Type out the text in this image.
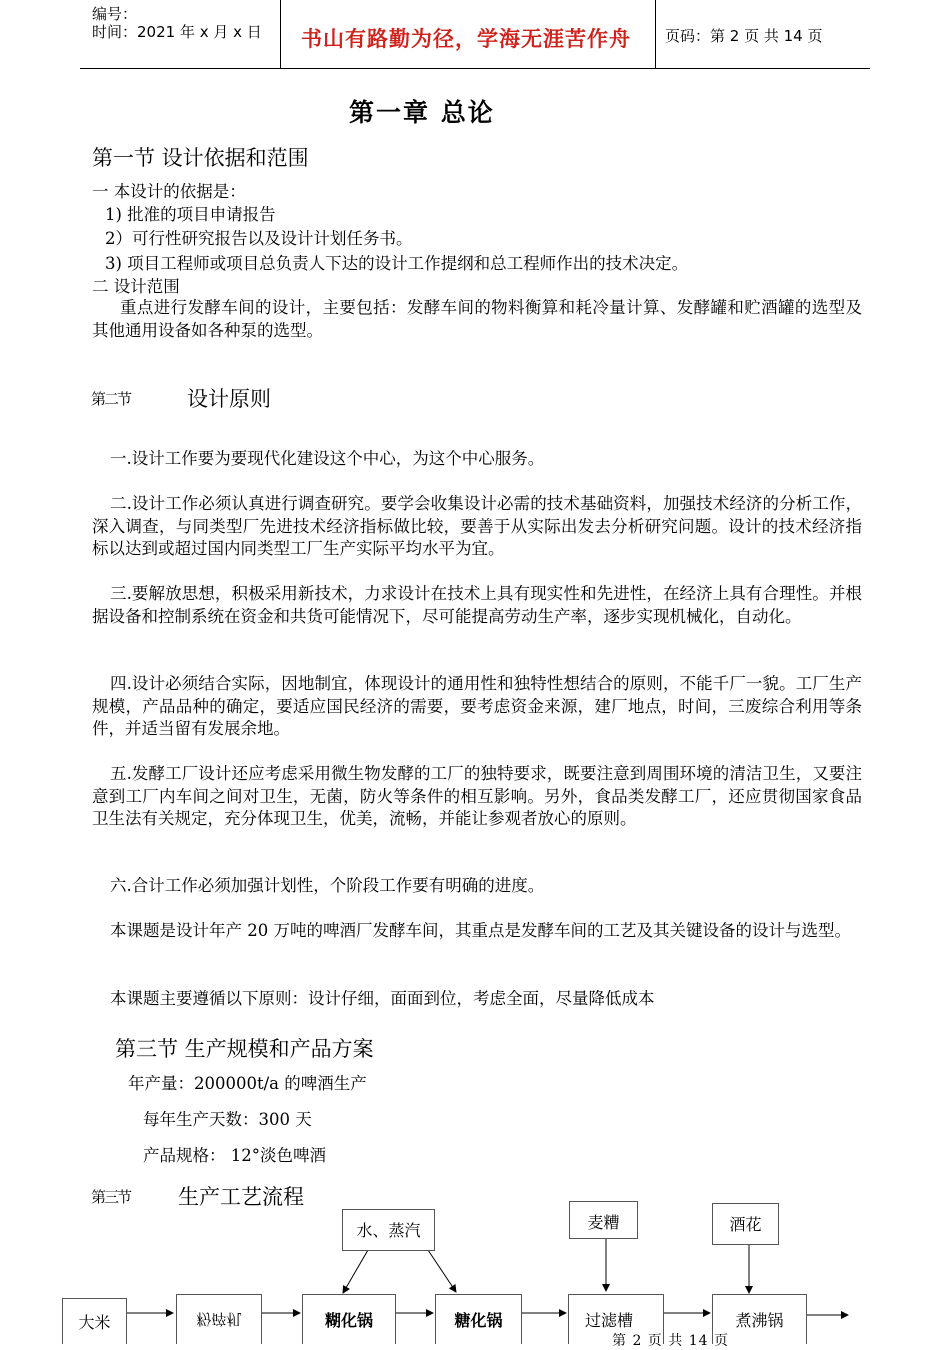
编号：
时间：2021 年 x 月 x 日 书山有路勤为径，学海无涯苦作舟 页码：第 2 页 共 14 页
第一章 总论
第一节 设计依据和范围
一 本设计的依据是：
1) 批准的项目申请报告
2）可行性研究报告以及设计计划任务书。
3) 项目工程师或项目总负责人下达的设计工作提纲和总工程师作出的技术决定。
二 设计范围
重点进行发酵车间的设计，主要包括：发酵车间的物料衡算和耗冷量计算、发酵罐和贮酒罐的选型及其他通用设备如各种泵的选型。
第二节	设计原则
一.设计工作要为要现代化建设这个中心，为这个中心服务。
二.设计工作必须认真进行调查研究。要学会收集设计必需的技术基础资料，加强技术经济的分析工作，深入调查，与同类型厂先进技术经济指标做比较，要善于从实际出发去分析研究问题。设计的技术经济指标以达到或超过国内同类型工厂生产实际平均水平为宜。
三.要解放思想，积极采用新技术，力求设计在技术上具有现实性和先进性，在经济上具有合理性。并根据设备和控制系统在资金和共货可能情况下，尽可能提高劳动生产率，逐步实现机械化，自动化。
四.设计必须结合实际，因地制宜，体现设计的通用性和独特性想结合的原则，不能千厂一貌。工厂生产规模，产品品种的确定，要适应国民经济的需要，要考虑资金来源，建厂地点，时间，三废综合利用等条件，并适当留有发展余地。
五.发酵工厂设计还应考虑采用微生物发酵的工厂的独特要求，既要注意到周围环境的清洁卫生，又要注意到工厂内车间之间对卫生，无菌，防火等条件的相互影响。另外，食品类发酵工厂，还应贯彻国家食品卫生法有关规定，充分体现卫生，优美，流畅，并能让参观者放心的原则。
六.合计工作必须加强计划性，个阶段工作要有明确的进度。
本课题是设计年产 20 万吨的啤酒厂发酵车间，其重点是发酵车间的工艺及其关键设备的设计与选型。
本课题主要遵循以下原则：设计仔细，面面到位，考虑全面，尽量降低成本
第三节 生产规模和产品方案
年产量：200000t/a 的啤酒生产
每年生产天数：300 天
产品规格： 12°淡色啤酒
第三节 生产工艺流程
水、蒸汽	麦糟	酒花
大米	粉碎机	糊化锅	糖化锅	过滤槽	煮沸锅
第 2 页 共 14 页
